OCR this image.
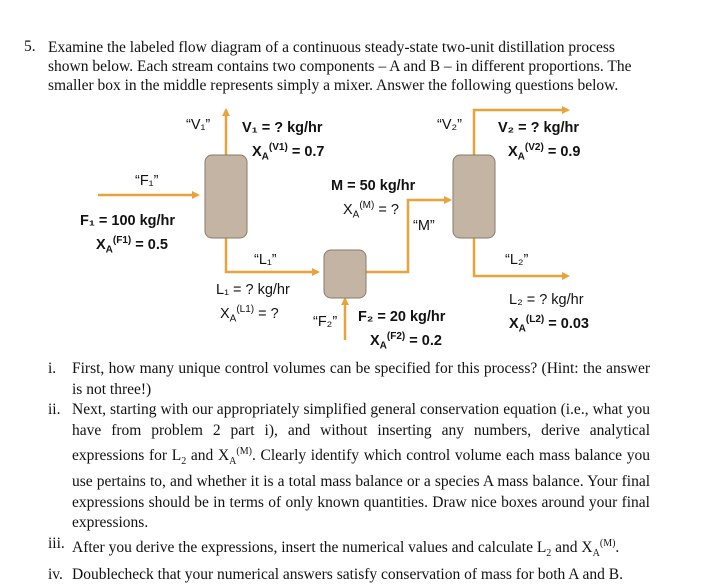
5. Examine the labeled flow diagram of a continuous steady-state two-unit distillation process
shown below. Each stream contains two components – A and B – in different proportions. The
smaller box in the middle represents simply a mixer. Answer the following questions below.
“V₁”	“V₂”
“F₁”
“L₁”	“L₂”
“F₂”
“M”
V₁ = ? kg/hr
$X_A^{(V1)} = 0.7$
V₂ = ? kg/hr
$X_A^{(V2)} = 0.9$
M = 50 kg/hr
$X_A^{(M)}$ = ?
F₁ = 100 kg/hr
$X_A^{(F1)} = 0.5$
L₁ = ? kg/hr
$X_A^{(L1)}$ = ?	F₂ = 20 kg/hr
$X_A^{(F2)} = 0.2$
L₂ = ? kg/hr
$X_A^{(L2)} = 0.03$
i. First, how many unique control volumes can be specified for this process? (Hint: the answer is not three!)
ii. Next, starting with our appropriately simplified general conservation equation (i.e., what you have from problem 2 part i), and without inserting any numbers, derive analytical expressions for $L_2$ and $X_A^{(M)}$. Clearly identify which control volume each mass balance you use pertains to, and whether it is a total mass balance or a species A mass balance. Your final expressions should be in terms of only known quantities. Draw nice boxes around your final expressions.
iii. After you derive the expressions, insert the numerical values and calculate $L_2$ and $X_A^{(M)}$.
iv. Doublecheck that your numerical answers satisfy conservation of mass for both A and B.
